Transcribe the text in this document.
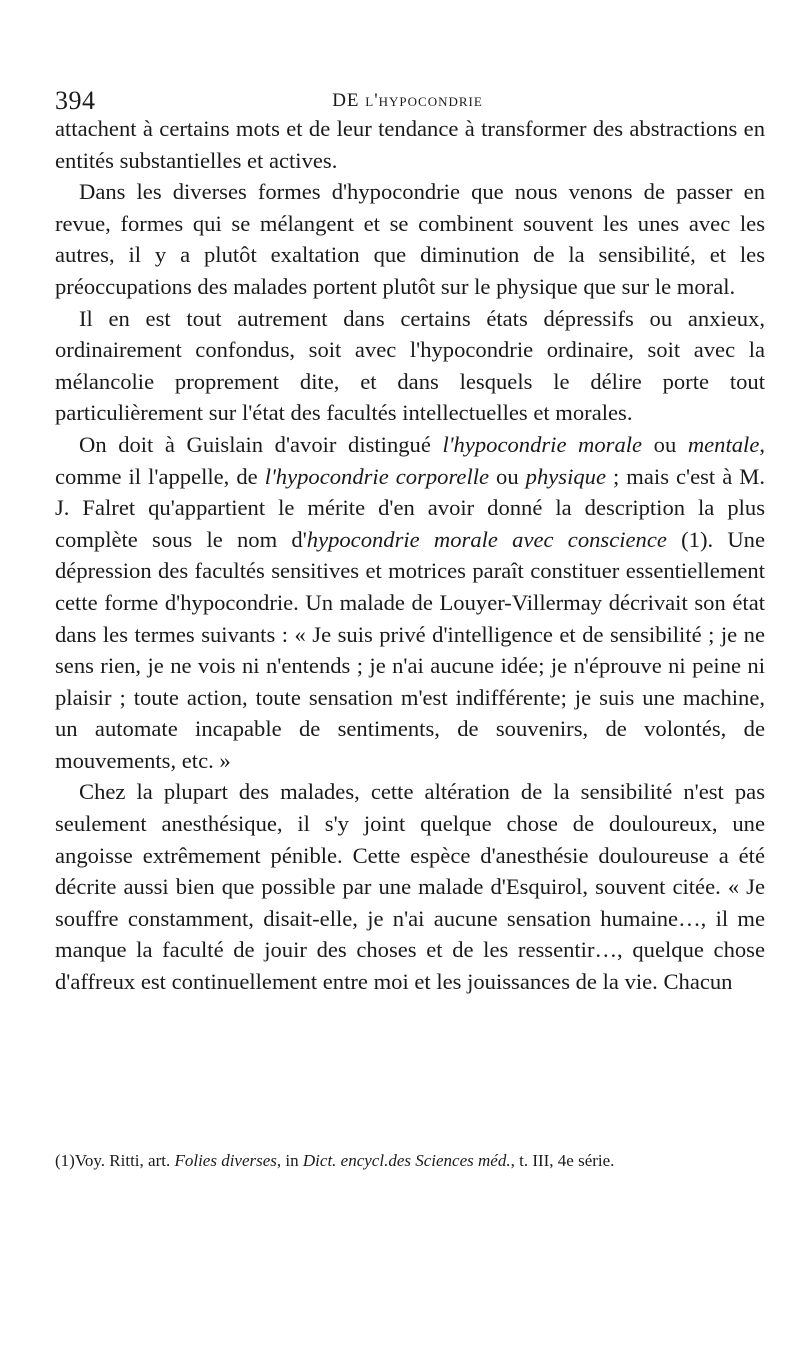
394	DE l'hypocondrie

attachent à certains mots et de leur tendance à transformer des abstractions en entités substantielles et actives.

Dans les diverses formes d'hypocondrie que nous venons de passer en revue, formes qui se mélangent et se combinent souvent les unes avec les autres, il y a plutôt exaltation que diminution de la sensibilité, et les préoccupations des malades portent plutôt sur le physique que sur le moral.

Il en est tout autrement dans certains états dépressifs ou anxieux, ordinairement confondus, soit avec l'hypocondrie ordinaire, soit avec la mélancolie proprement dite, et dans lesquels le délire porte tout particulièrement sur l'état des facultés intellectuelles et morales.

On doit à Guislain d'avoir distingué l'hypocondrie morale ou mentale, comme il l'appelle, de l'hypocondrie corporelle ou physique ; mais c'est à M. J. Falret qu'appartient le mérite d'en avoir donné la description la plus complète sous le nom d'hypocondrie morale avec conscience (1). Une dépression des facultés sensitives et motrices paraît constituer essentiellement cette forme d'hypocondrie. Un malade de Louyer-Villermay décrivait son état dans les termes suivants : « Je suis privé d'intelligence et de sensibilité ; je ne sens rien, je ne vois ni n'entends ; je n'ai aucune idée; je n'éprouve ni peine ni plaisir ; toute action, toute sensation m'est indifférente; je suis une machine, un automate incapable de sentiments, de souvenirs, de volontés, de mouvements, etc. »

Chez la plupart des malades, cette altération de la sensibilité n'est pas seulement anesthésique, il s'y joint quelque chose de douloureux, une angoisse extrêmement pénible. Cette espèce d'anesthésie douloureuse a été décrite aussi bien que possible par une malade d'Esquirol, souvent citée. « Je souffre constamment, disait-elle, je n'ai aucune sensation humaine…, il me manque la faculté de jouir des choses et de les ressentir…, quelque chose d'affreux est continuellement entre moi et les jouissances de la vie. Chacun

(1)Voy. Ritti, art. Folies diverses, in Dict. encycl.des Sciences méd., t. III, 4e série.
